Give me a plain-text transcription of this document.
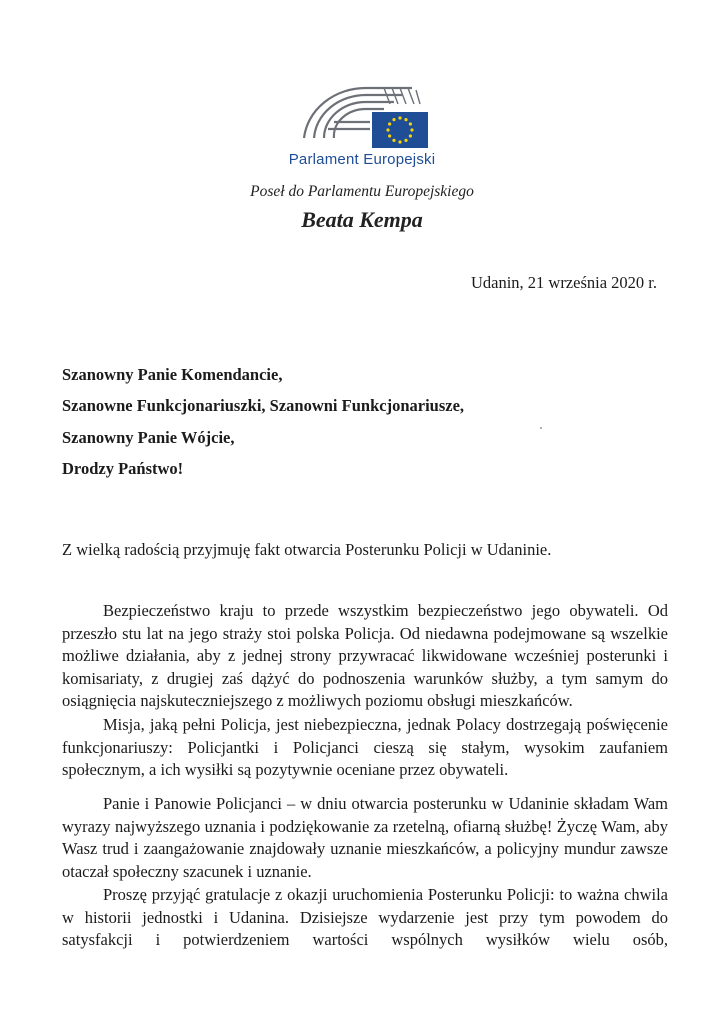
Parlament Europejski
Poseł do Parlamentu Europejskiego
Beata Kempa
Udanin, 21 września 2020 r.
Szanowny Panie Komendancie,
Szanowne Funkcjonariuszki, Szanowni Funkcjonariusze,
Szanowny Panie Wójcie,
Drodzy Państwo!
Z wielką radością przyjmuję fakt otwarcia Posterunku Policji w Udaninie.

Bezpieczeństwo kraju to przede wszystkim bezpieczeństwo jego obywateli. Od przeszło stu lat na jego straży stoi polska Policja. Od niedawna podejmowane są wszelkie możliwe działania, aby z jednej strony przywracać likwidowane wcześniej posterunki i komisariaty, z drugiej zaś dążyć do podnoszenia warunków służby, a tym samym do osiągnięcia najskuteczniejszego z możliwych poziomu obsługi mieszkańców.

Misja, jaką pełni Policja, jest niebezpieczna, jednak Polacy dostrzegają poświęcenie funkcjonariuszy: Policjantki i Policjanci cieszą się stałym, wysokim zaufaniem społecznym, a ich wysiłki są pozytywnie oceniane przez obywateli.

Panie i Panowie Policjanci – w dniu otwarcia posterunku w Udaninie składam Wam wyrazy najwyższego uznania i podziękowanie za rzetelną, ofiarną służbę! Życzę Wam, aby Wasz trud i zaangażowanie znajdowały uznanie mieszkańców, a policyjny mundur zawsze otaczał społeczny szacunek i uznanie.

Proszę przyjąć gratulacje z okazji uruchomienia Posterunku Policji: to ważna chwila w historii jednostki i Udanina. Dzisiejsze wydarzenie jest przy tym powodem do satysfakcji i potwierdzeniem wartości wspólnych wysiłków wielu osób,
